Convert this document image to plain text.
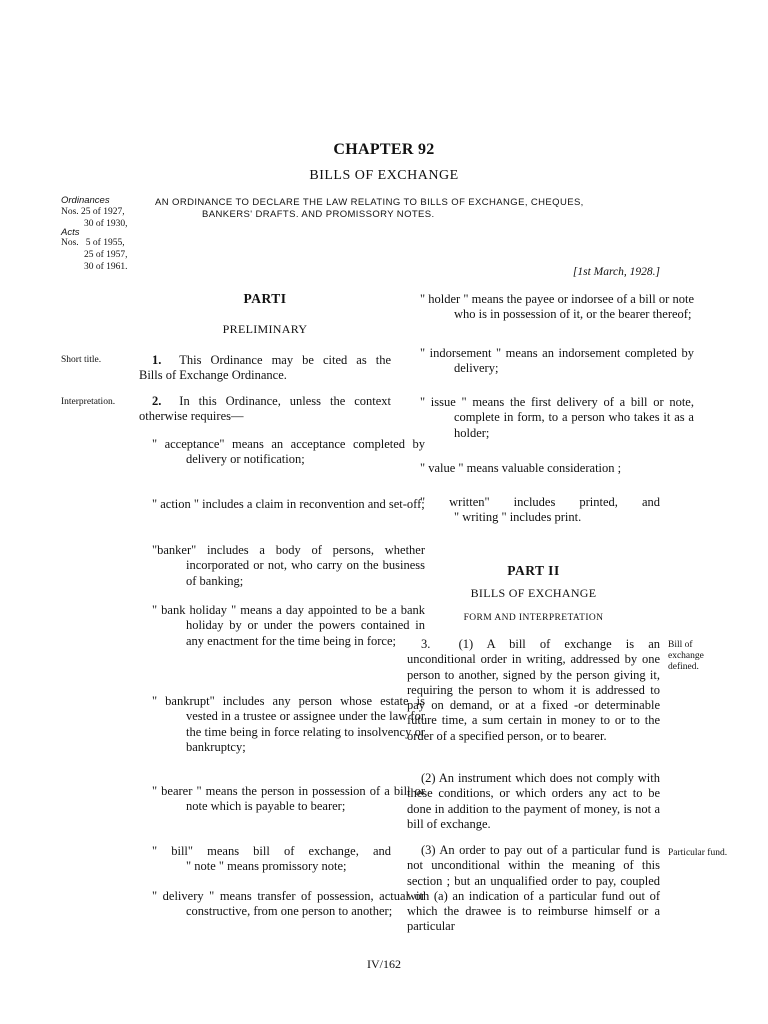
CHAPTER 92
BILLS OF EXCHANGE
Ordinances
Nos. 25 of 1927,
30 of 1930,
Acts
Nos.   5 of 1955,
25 of 1957,
30 of 1961.
AN ORDINANCE TO DECLARE THE LAW RELATING TO BILLS OF EXCHANGE, CHEQUES,
BANKERS' DRAFTS. AND PROMISSORY NOTES.
[1st March, 1928.]
PARTI
PRELIMINARY
Short title.	1. This Ordinance may be cited as the
Bills of Exchange Ordinance.
Interpretation.	2. In this Ordinance, unless the context
otherwise requires—
" acceptance" means an acceptance completed by delivery or notification;
" action " includes a claim in reconvention and set-off;
"banker" includes a body of persons, whether incorporated or not, who carry on the business of banking;
" bank holiday " means a day appointed to be a bank holiday by or under the powers contained in any enactment for the time being in force;
" bankrupt" includes any person whose estate is vested in a trustee or assignee under the law for the time being in force relating to insolvency or bankruptcy;
" bearer " means the person in possession of a bill or note which is payable to bearer;
" bill" means bill of exchange, and
" note " means promissory note;
" delivery " means transfer of possession, actual or constructive, from one person to another;
" holder " means the payee or indorsee of a bill or note who is in possession of it, or the bearer thereof;
" indorsement " means an indorsement completed by delivery;
" issue " means the first delivery of a bill or note, complete in form, to a person who takes it as a holder;
" value " means valuable consideration ;
" written" includes printed, and
" writing " includes print.
PART II
BILLS OF EXCHANGE
FORM AND INTERPRETATION
Bill of exchange defined.
3. (1) A bill of exchange is an
unconditional order in writing, addressed by one person to another, signed by the person giving it, requiring the person to whom it is addressed to pay on demand, or at a fixed -or determinable future time, a sum certain in money to or to the order of a specified person, or to bearer.
(2) An instrument which does not comply with these conditions, or which orders any act to be done in addition to the payment of money, is not a bill of exchange.
Particular fund.
(3) An order to pay out of a particular fund is not unconditional within the meaning of this section ; but an unqualified order to pay, coupled with (a) an indication of a particular fund out of which the drawee is to reimburse himself or a particular
IV/162
